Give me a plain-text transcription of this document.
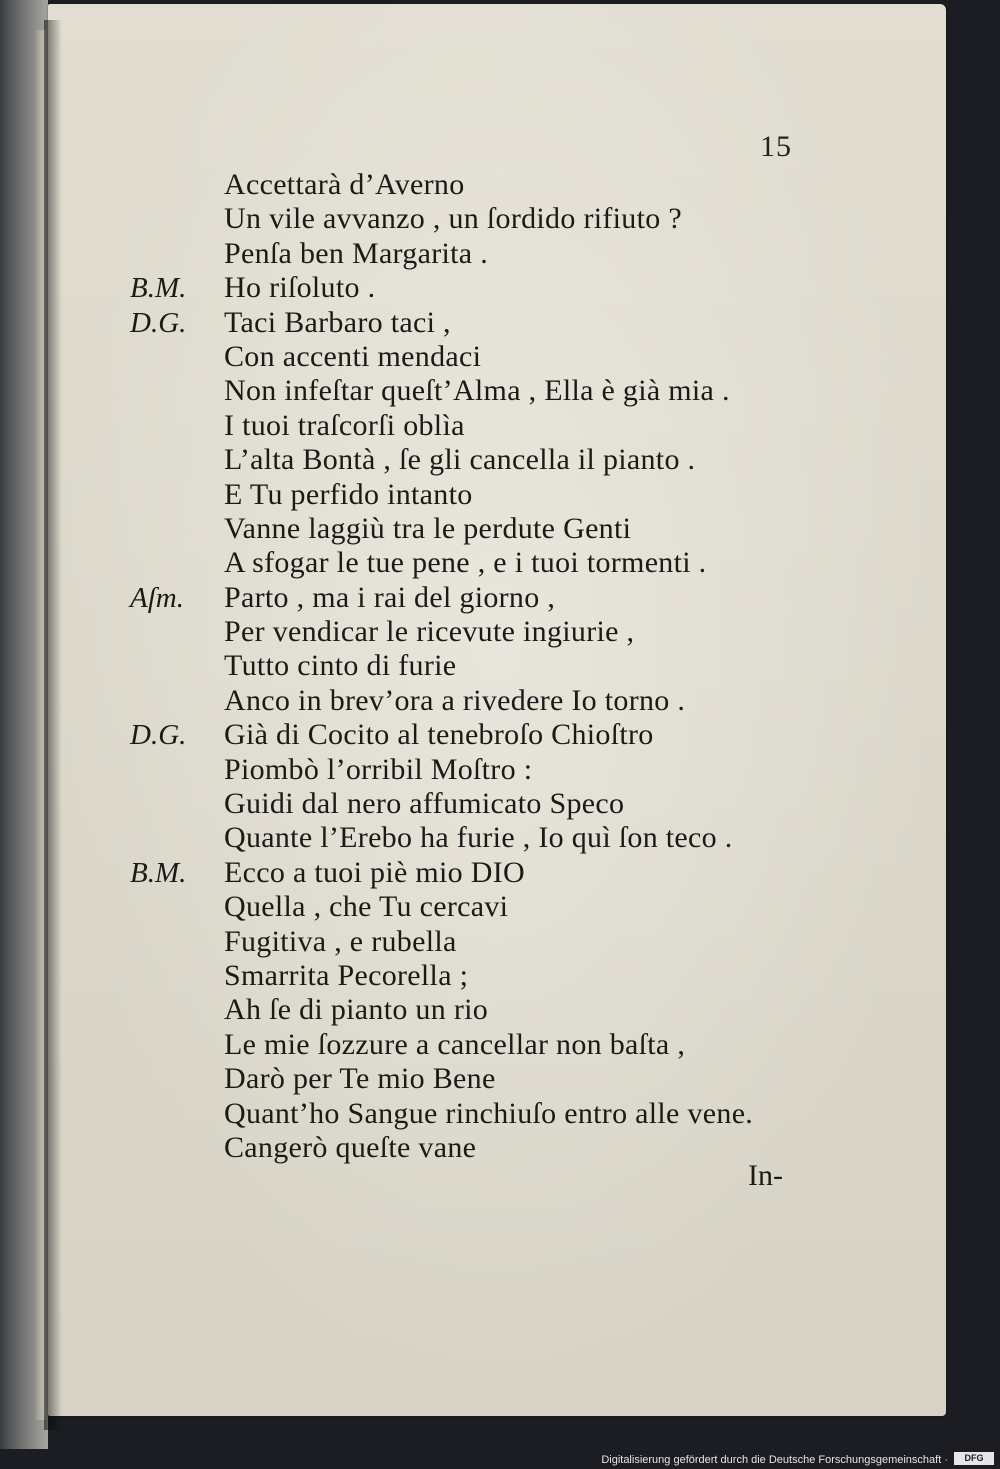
15
Accettarà d’Averno
Un vile avvanzo , un ſordido rifiuto ?
Penſa ben Margarita .
B.M. Ho riſoluto .
D.G. Taci Barbaro taci ,
Con accenti mendaci
Non infeſtar queſt’Alma , Ella è già mia .
I tuoi traſcorſi oblìa
L’alta Bontà , ſe gli cancella il pianto .
E Tu perfido intanto
Vanne laggiù tra le perdute Genti
A sfogar le tue pene , e i tuoi tormenti .
Aſm. Parto , ma i rai del giorno ,
Per vendicar le ricevute ingiurie ,
Tutto cinto di furie
Anco in brev’ora a rivedere Io torno .
D.G. Già di Cocito al tenebroſo Chioſtro
Piombò l’orribil Moſtro :
Guidi dal nero affumicato Speco
Quante l’Erebo ha furie , Io quì ſon teco .
B.M. Ecco a tuoi piè mio DIO
Quella , che Tu cercavi
Fugitiva , e rubella
Smarrita Pecorella ;
Ah ſe di pianto un rio
Le mie ſozzure a cancellar non baſta ,
Darò per Te mio Bene
Quant’ho Sangue rinchiuſo entro alle vene.
Cangerò queſte vane
In-
Digitalisierung gefördert durch die Deutsche Forschungsgemeinschaft ·	DFG
